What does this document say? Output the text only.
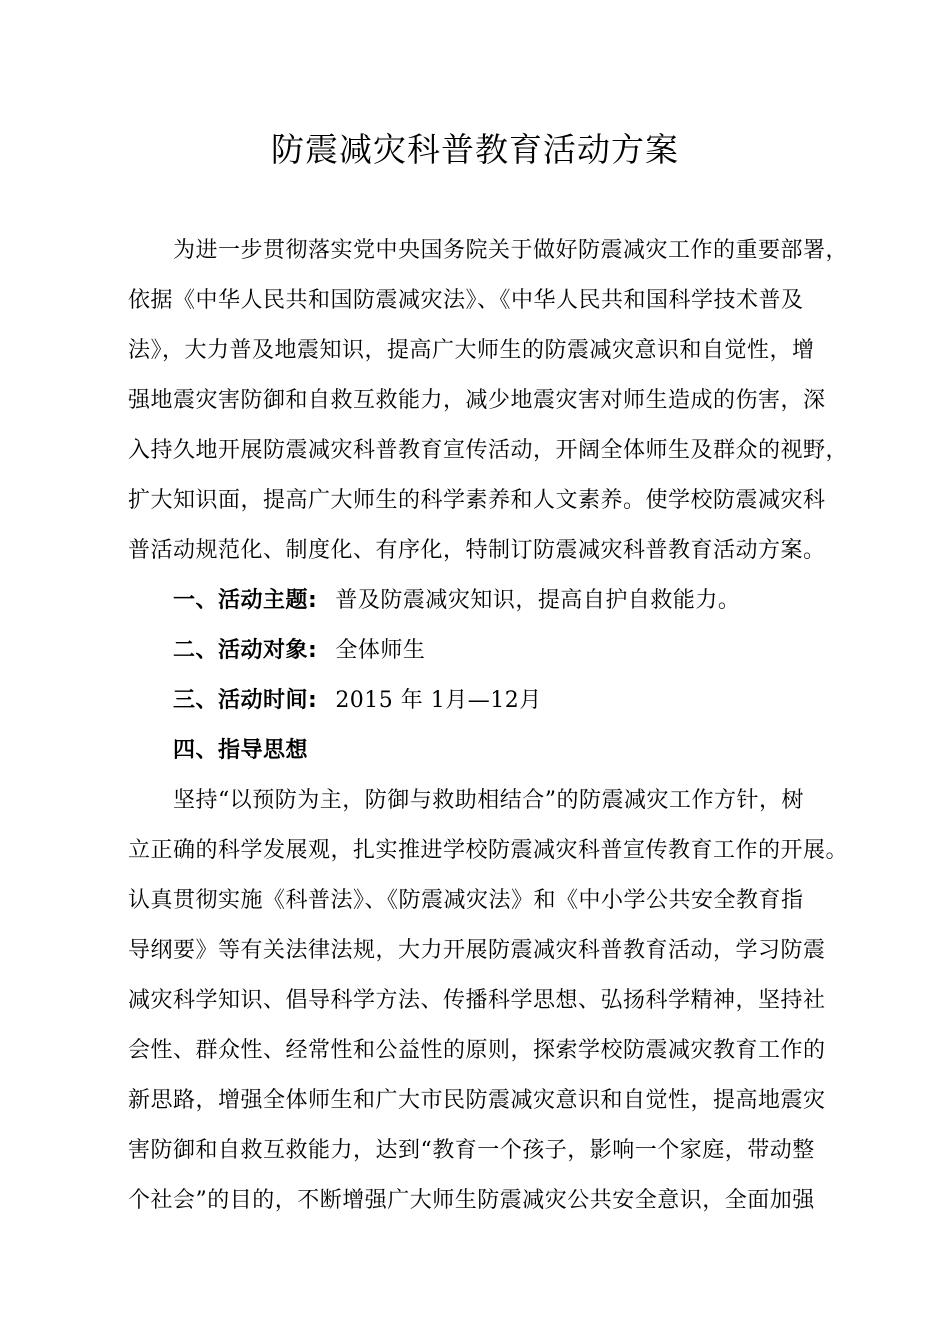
防震减灾科普教育活动方案
为进一步贯彻落实党中央国务院关于做好防震减灾工作的重要部署，
依据《中华人民共和国防震减灾法》、《中华人民共和国科学技术普及
法》，大力普及地震知识，提高广大师生的防震减灾意识和自觉性，增
强地震灾害防御和自救互救能力，减少地震灾害对师生造成的伤害，深
入持久地开展防震减灾科普教育宣传活动，开阔全体师生及群众的视野，
扩大知识面，提高广大师生的科学素养和人文素养。使学校防震减灾科
普活动规范化、制度化、有序化，特制订防震减灾科普教育活动方案。
一、活动主题: 普及防震减灾知识，提高自护自救能力。
二、活动对象: 全体师生
三、活动时间: 2015 年 1月—12月
四、指导思想
坚持“以预防为主，防御与救助相结合”的防震减灾工作方针，树
立正确的科学发展观，扎实推进学校防震减灾科普宣传教育工作的开展。
认真贯彻实施《科普法》、《防震减灾法》和《中小学公共安全教育指
导纲要》等有关法律法规，大力开展防震减灾科普教育活动，学习防震
减灾科学知识、倡导科学方法、传播科学思想、弘扬科学精神，坚持社
会性、群众性、经常性和公益性的原则，探索学校防震减灾教育工作的
新思路，增强全体师生和广大市民防震减灾意识和自觉性，提高地震灾
害防御和自救互救能力，达到“教育一个孩子，影响一个家庭，带动整
个社会”的目的，不断增强广大师生防震减灾公共安全意识，全面加强
